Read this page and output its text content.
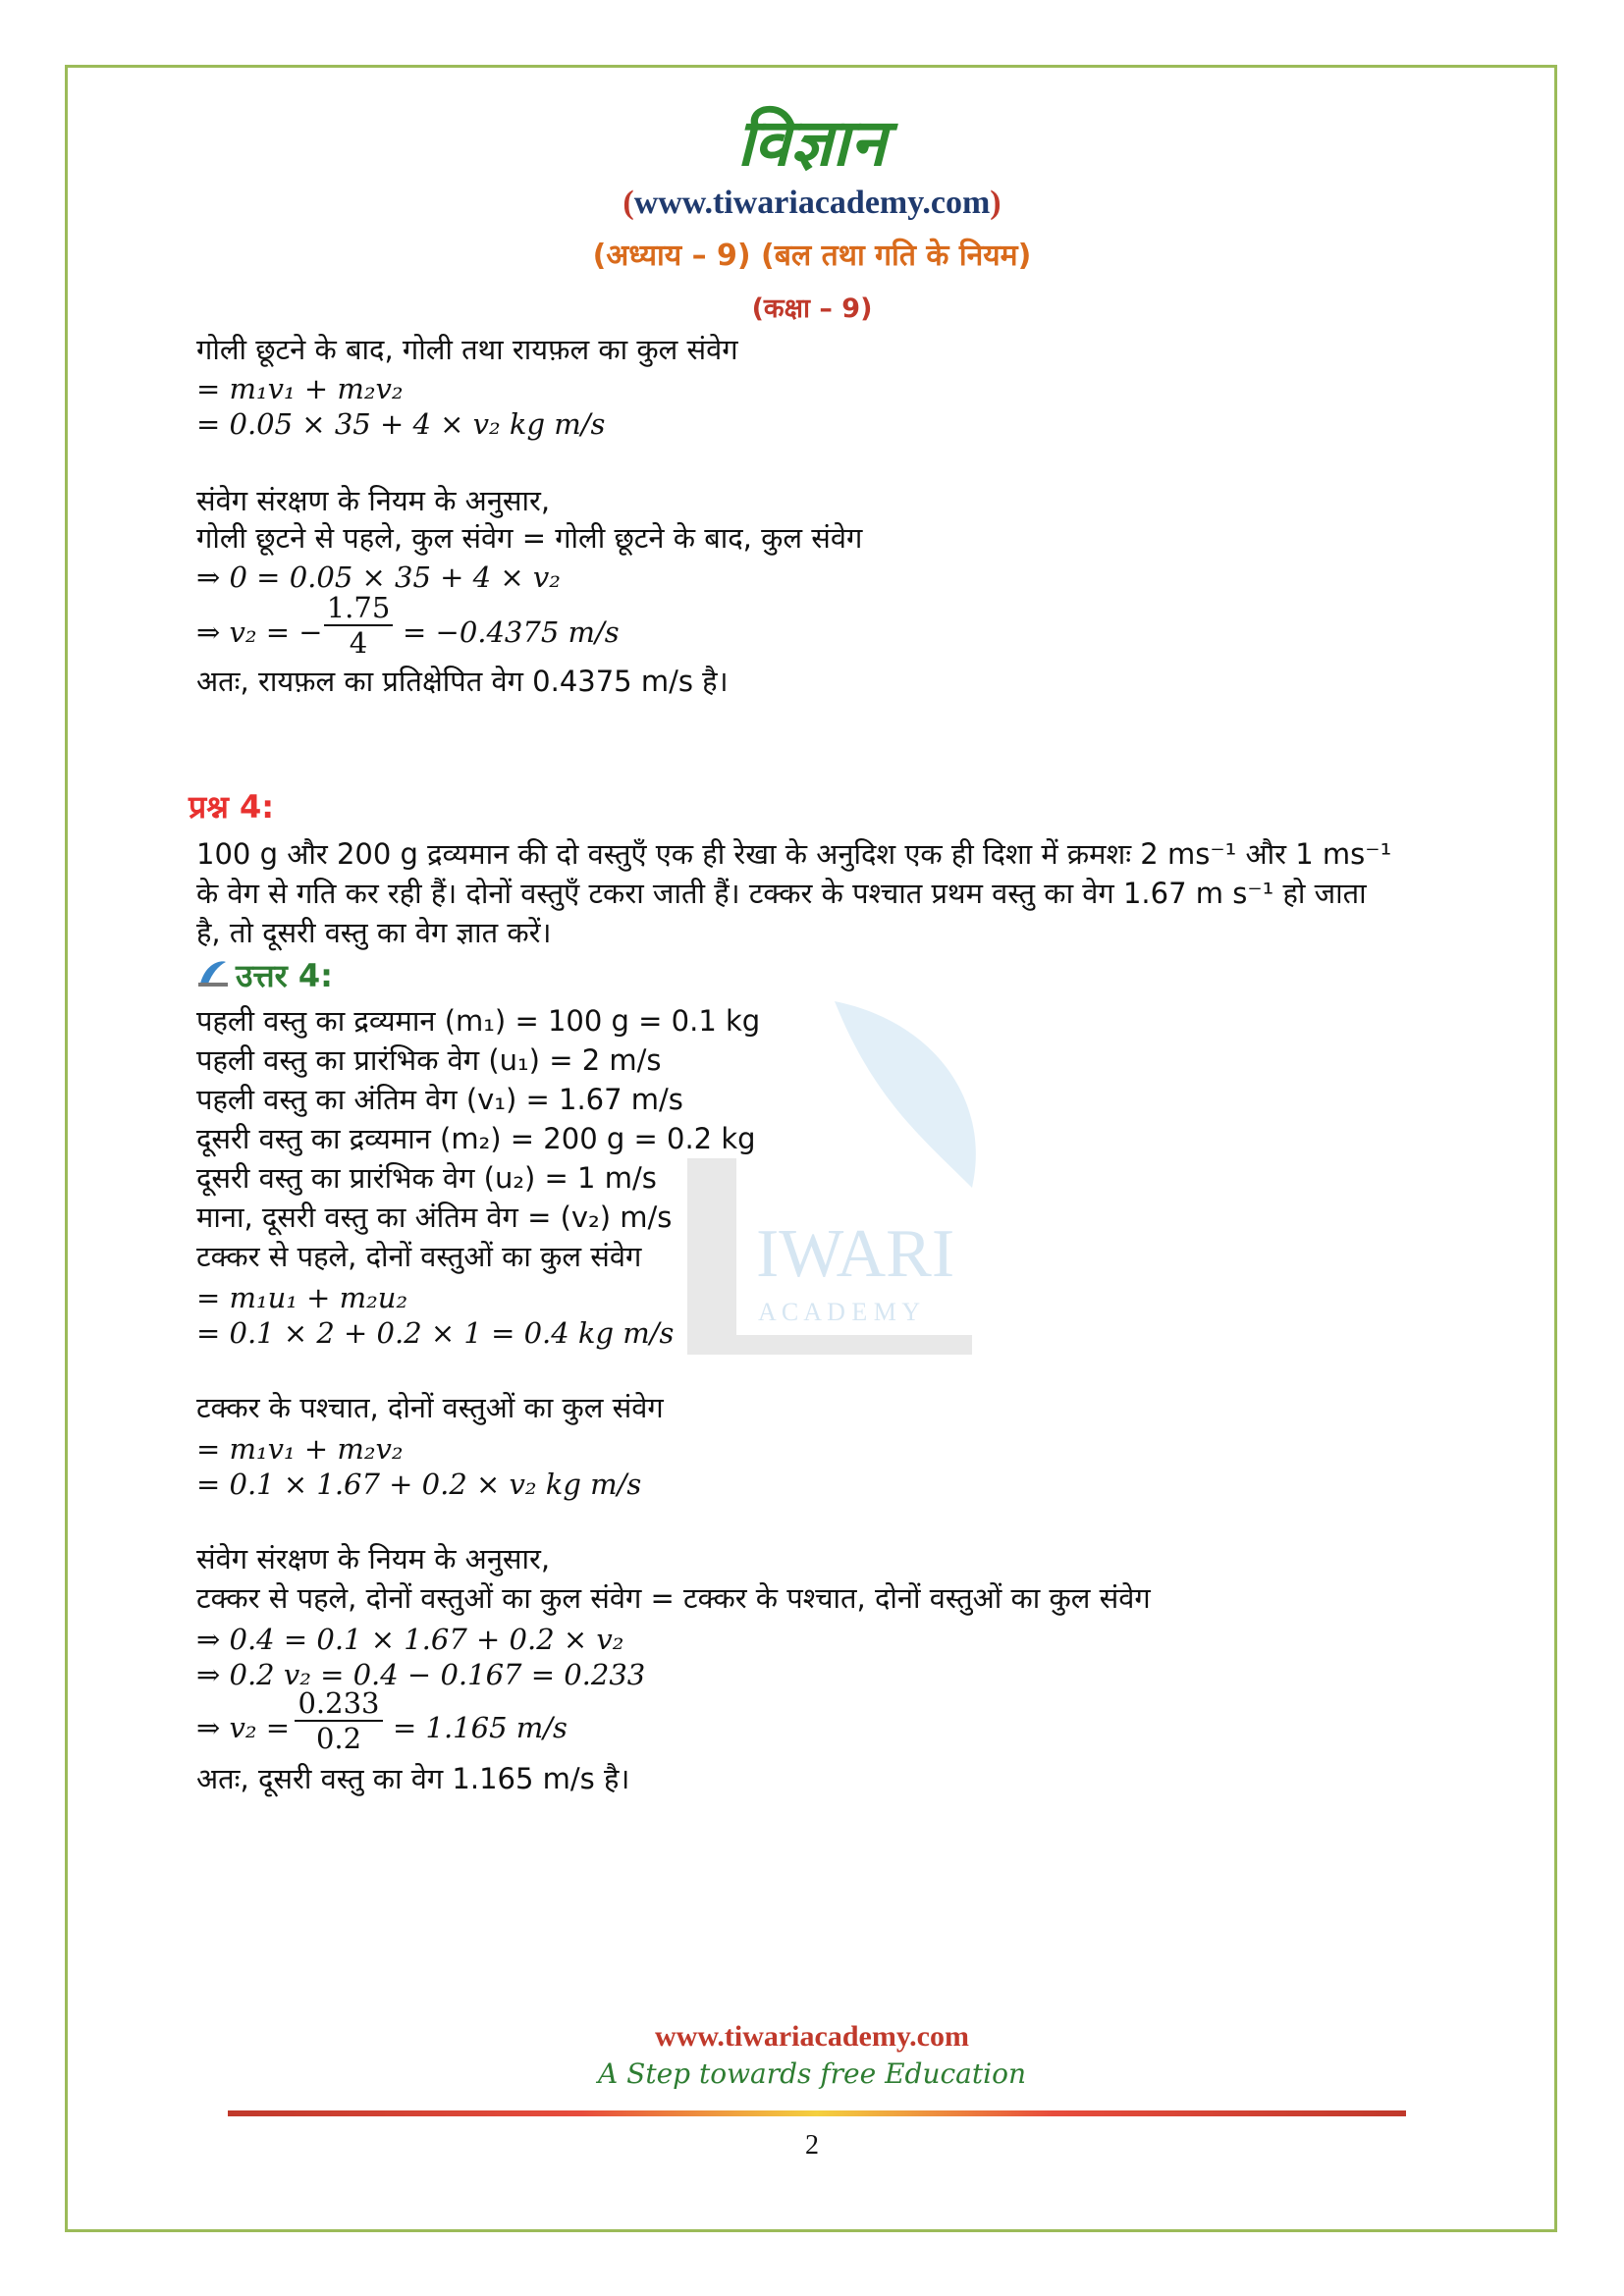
विज्ञान
(www.tiwariacademy.com)
(अध्याय – 9) (बल तथा गति के नियम)
(कक्षा – 9)
IWARI
A C A D E M Y
गोली छूटने के बाद, गोली तथा रायफ़ल का कुल संवेग
= m₁v₁ + m₂v₂
= 0.05 × 35 + 4 × v₂ kg m/s
संवेग संरक्षण के नियम के अनुसार,
गोली छूटने से पहले, कुल संवेग = गोली छूटने के बाद, कुल संवेग
⇒ 0 = 0.05 × 35 + 4 × v₂
⇒ v₂ = − $\frac{1.75}{4} = -0.4375$ m/s
अतः, रायफ़ल का प्रतिक्षेपित वेग 0.4375 m/s है।
प्रश्न 4:
100 g और 200 g द्रव्यमान की दो वस्तुएँ एक ही रेखा के अनुदिश एक ही दिशा में क्रमशः 2 ms⁻¹ और 1 ms⁻¹
के वेग से गति कर रही हैं। दोनों वस्तुएँ टकरा जाती हैं। टक्कर के पश्चात प्रथम वस्तु का वेग 1.67 m s⁻¹ हो जाता
है, तो दूसरी वस्तु का वेग ज्ञात करें।
उत्तर 4:
पहली वस्तु का द्रव्यमान (m₁) = 100 g = 0.1 kg
पहली वस्तु का प्रारंभिक वेग (u₁) = 2 m/s
पहली वस्तु का अंतिम वेग (v₁) = 1.67 m/s
दूसरी वस्तु का द्रव्यमान (m₂) = 200 g = 0.2 kg
दूसरी वस्तु का प्रारंभिक वेग (u₂) = 1 m/s
माना, दूसरी वस्तु का अंतिम वेग = (v₂) m/s
टक्कर से पहले, दोनों वस्तुओं का कुल संवेग
= m₁u₁ + m₂u₂
= 0.1 × 2 + 0.2 × 1 = 0.4 kg m/s
टक्कर के पश्चात, दोनों वस्तुओं का कुल संवेग
= m₁v₁ + m₂v₂
= 0.1 × 1.67 + 0.2 × v₂ kg m/s
संवेग संरक्षण के नियम के अनुसार,
टक्कर से पहले, दोनों वस्तुओं का कुल संवेग = टक्कर के पश्चात, दोनों वस्तुओं का कुल संवेग
⇒ 0.4 = 0.1 × 1.67 + 0.2 × v₂
⇒ 0.2 v₂ = 0.4 − 0.167 = 0.233
⇒ $v_2 = \frac{0.233}{0.2} = 1.165$ m/s
अतः, दूसरी वस्तु का वेग 1.165 m/s है।
www.tiwariacademy.com
A Step towards free Education
2
